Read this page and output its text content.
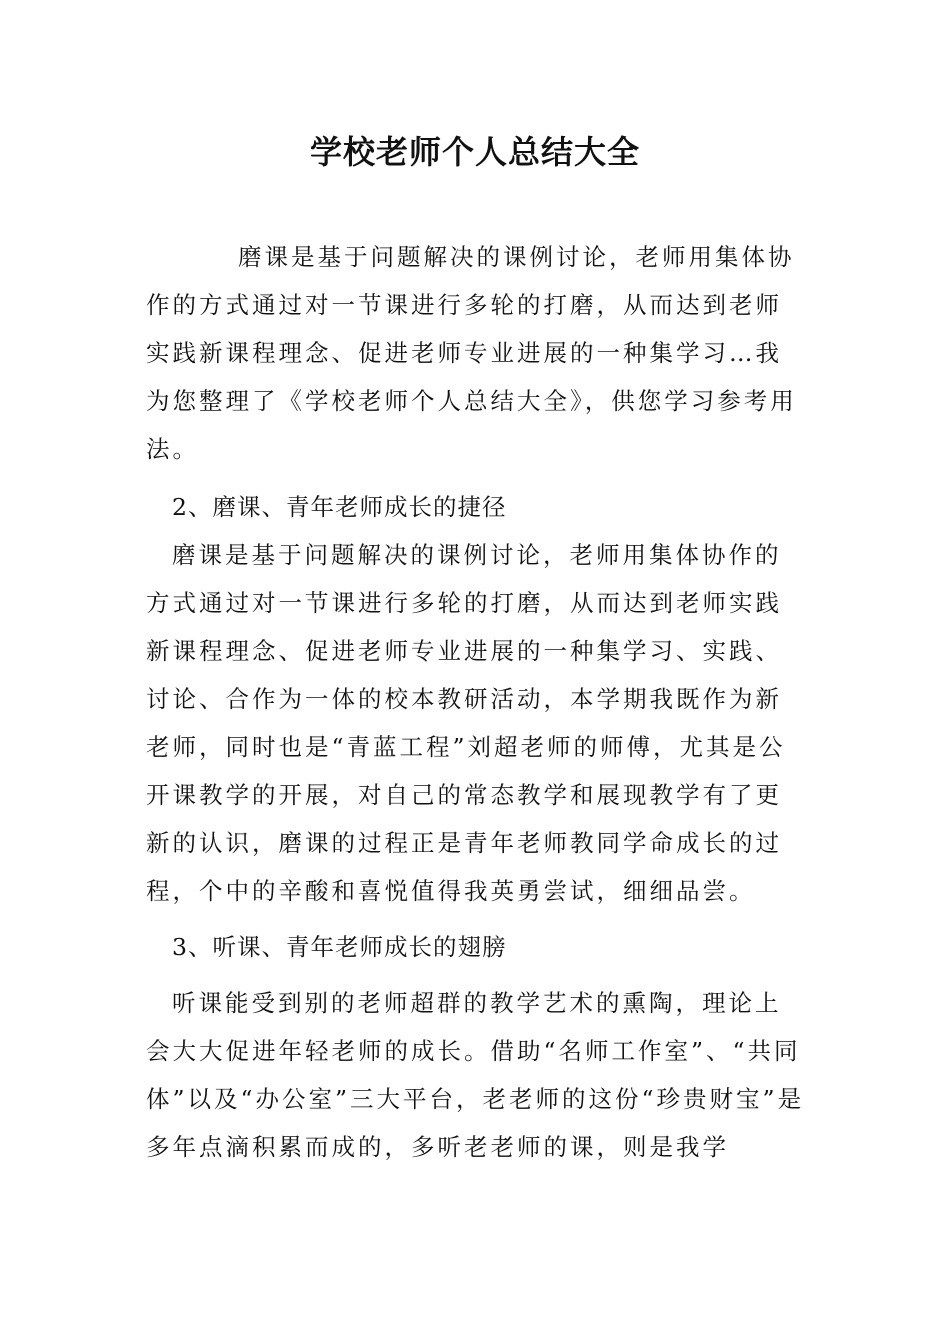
学校老师个人总结大全

磨课是基于问题解决的课例讨论，老师用集体协作的方式通过对一节课进行多轮的打磨，从而达到老师实践新课程理念、促进老师专业进展的一种集学习…我为您整理了《学校老师个人总结大全》，供您学习参考用法。

2、磨课、青年老师成长的捷径

磨课是基于问题解决的课例讨论，老师用集体协作的方式通过对一节课进行多轮的打磨，从而达到老师实践新课程理念、促进老师专业进展的一种集学习、实践、讨论、合作为一体的校本教研活动，本学期我既作为新老师，同时也是“青蓝工程”刘超老师的师傅，尤其是公开课教学的开展，对自己的常态教学和展现教学有了更新的认识，磨课的过程正是青年老师教同学命成长的过程，个中的辛酸和喜悦值得我英勇尝试，细细品尝。

3、听课、青年老师成长的翅膀

听课能受到别的老师超群的教学艺术的熏陶，理论上会大大促进年轻老师的成长。借助“名师工作室”、“共同体”以及“办公室”三大平台，老老师的这份“珍贵财宝”是多年点滴积累而成的，多听老老师的课，则是我学
